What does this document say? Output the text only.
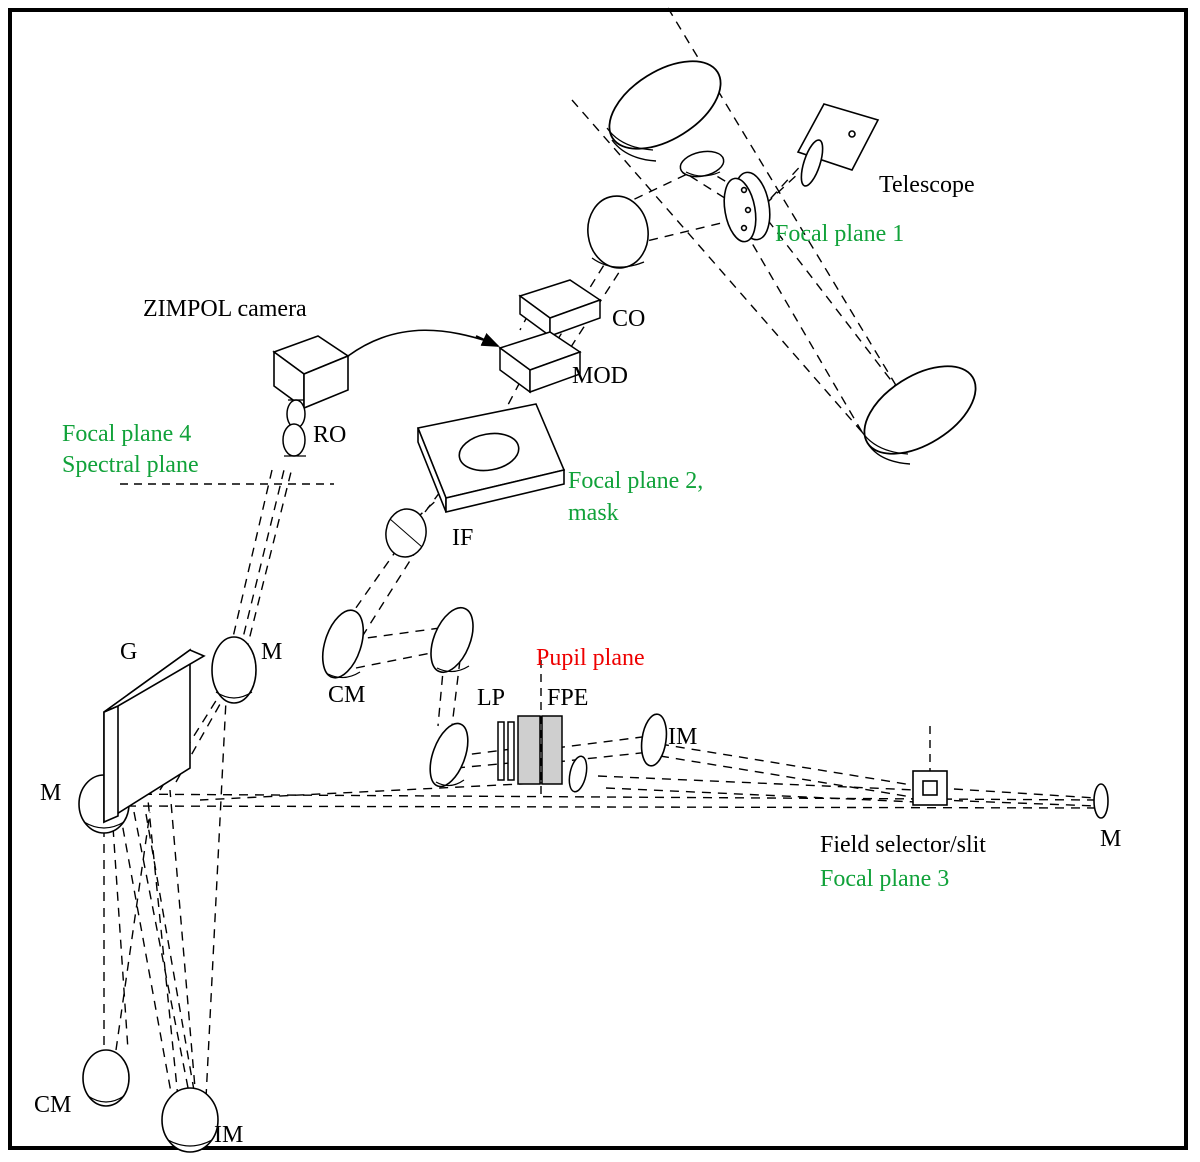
Telescope
Focal plane 1
CO
MOD
ZIMPOL camera
RO
Focal plane 4
Spectral plane
Focal plane 2,
mask
IF
G	M
CM	LP FPE
Pupil plane
IM
M
M
Field selector/slit
Focal plane 3
CM
IM
